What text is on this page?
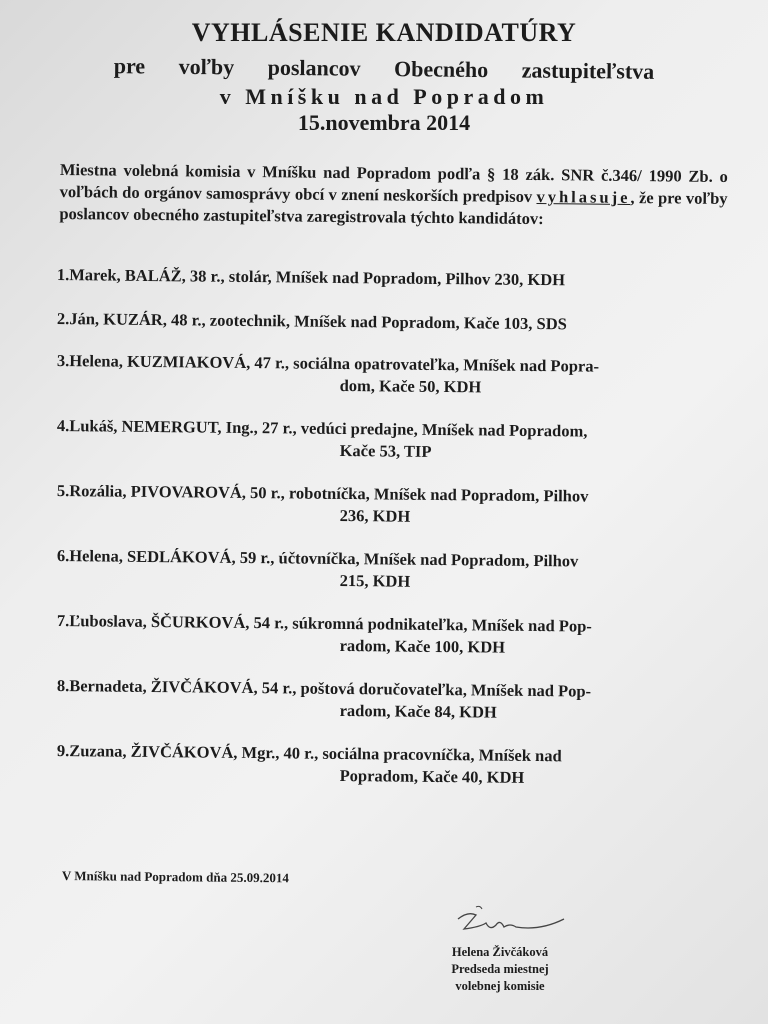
VYHLÁSENIE KANDIDATÚRY
pre voľby poslancov Obecného zastupiteľstva
v Mníšku nad Popradom
15.novembra 2014
Miestna volebná komisia v Mníšku nad Popradom podľa § 18 zák. SNR č.346/ 1990 Zb. o voľbách do orgánov samosprávy obcí v znení neskorších predpisov vyhlasuje, že pre voľby poslancov obecného zastupiteľstva zaregistrovala týchto kandidátov:
1.Marek, BALÁŽ, 38 r., stolár, Mníšek nad Popradom, Pilhov 230, KDH
2.Ján, KUZÁR, 48 r., zootechnik, Mníšek nad Popradom, Kače 103, SDS
3.Helena, KUZMIAKOVÁ, 47 r., sociálna opatrovateľka, Mníšek nad Popra-
dom, Kače 50, KDH
4.Lukáš, NEMERGUT, Ing., 27 r., vedúci predajne, Mníšek nad Popradom,
Kače 53, TIP
5.Rozália, PIVOVAROVÁ, 50 r., robotníčka, Mníšek nad Popradom, Pilhov
236, KDH
6.Helena, SEDLÁKOVÁ, 59 r., účtovníčka, Mníšek nad Popradom, Pilhov
215, KDH
7.Ľuboslava, ŠČURKOVÁ, 54 r., súkromná podnikateľka, Mníšek nad Pop-
radom, Kače 100, KDH
8.Bernadeta, ŽIVČÁKOVÁ, 54 r., poštová doručovateľka, Mníšek nad Pop-
radom, Kače 84, KDH
9.Zuzana, ŽIVČÁKOVÁ, Mgr., 40 r., sociálna pracovníčka, Mníšek nad
Popradom, Kače 40, KDH
V Mníšku nad Popradom dňa 25.09.2014
Helena Živčáková
Predseda miestnej
volebnej komisie
